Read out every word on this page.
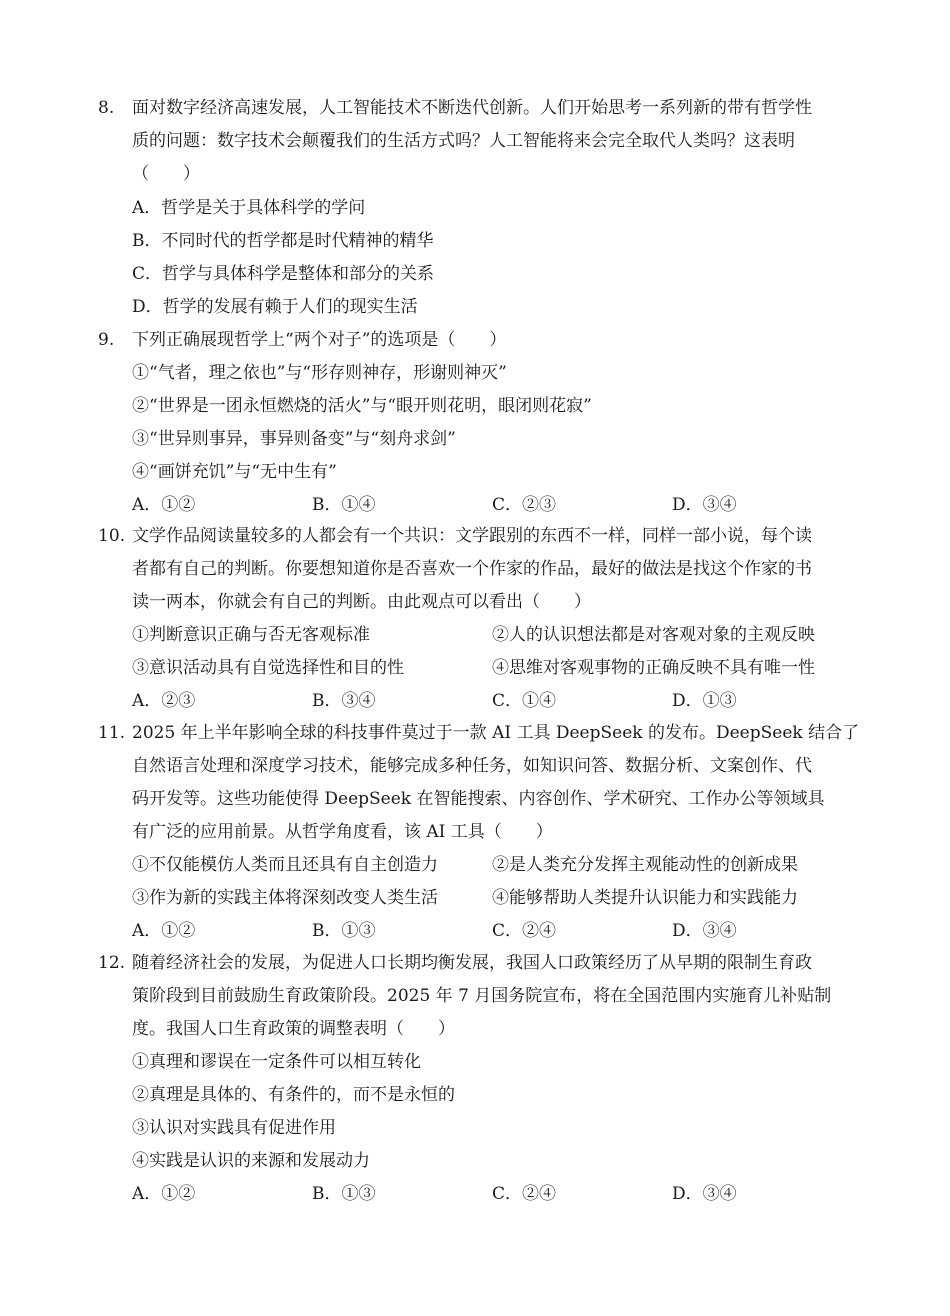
8. 面对数字经济高速发展，人工智能技术不断迭代创新。人们开始思考一系列新的带有哲学性
质的问题：数字技术会颠覆我们的生活方式吗？人工智能将来会完全取代人类吗？这表明
（　　）
A．哲学是关于具体科学的学问
B．不同时代的哲学都是时代精神的精华
C．哲学与具体科学是整体和部分的关系
D．哲学的发展有赖于人们的现实生活
9. 下列正确展现哲学上“两个对子”的选项是（　　）
①“气者，理之依也”与“形存则神存，形谢则神灭”
②“世界是一团永恒燃烧的活火”与“眼开则花明，眼闭则花寂”
③“世异则事异，事异则备变”与“刻舟求剑”
④“画饼充饥”与“无中生有”
A．①②	B．①④	C．②③	D．③④
10. 文学作品阅读量较多的人都会有一个共识：文学跟别的东西不一样，同样一部小说，每个读
者都有自己的判断。你要想知道你是否喜欢一个作家的作品，最好的做法是找这个作家的书
读一两本，你就会有自己的判断。由此观点可以看出（　　）
①判断意识正确与否无客观标准	②人的认识想法都是对客观对象的主观反映
③意识活动具有自觉选择性和目的性	④思维对客观事物的正确反映不具有唯一性
A．②③	B．③④	C．①④	D．①③
11. 2025 年上半年影响全球的科技事件莫过于一款 AI 工具 DeepSeek 的发布。DeepSeek 结合了
自然语言处理和深度学习技术，能够完成多种任务，如知识问答、数据分析、文案创作、代
码开发等。这些功能使得 DeepSeek 在智能搜索、内容创作、学术研究、工作办公等领域具
有广泛的应用前景。从哲学角度看，该 AI 工具（　　）
①不仅能模仿人类而且还具有自主创造力	②是人类充分发挥主观能动性的创新成果
③作为新的实践主体将深刻改变人类生活	④能够帮助人类提升认识能力和实践能力
A．①②	B．①③	C．②④	D．③④
12. 随着经济社会的发展，为促进人口长期均衡发展，我国人口政策经历了从早期的限制生育政
策阶段到目前鼓励生育政策阶段。2025 年 7 月国务院宣布，将在全国范围内实施育儿补贴制
度。我国人口生育政策的调整表明（　　）
①真理和谬误在一定条件可以相互转化
②真理是具体的、有条件的，而不是永恒的
③认识对实践具有促进作用
④实践是认识的来源和发展动力
A．①②	B．①③	C．②④	D．③④
